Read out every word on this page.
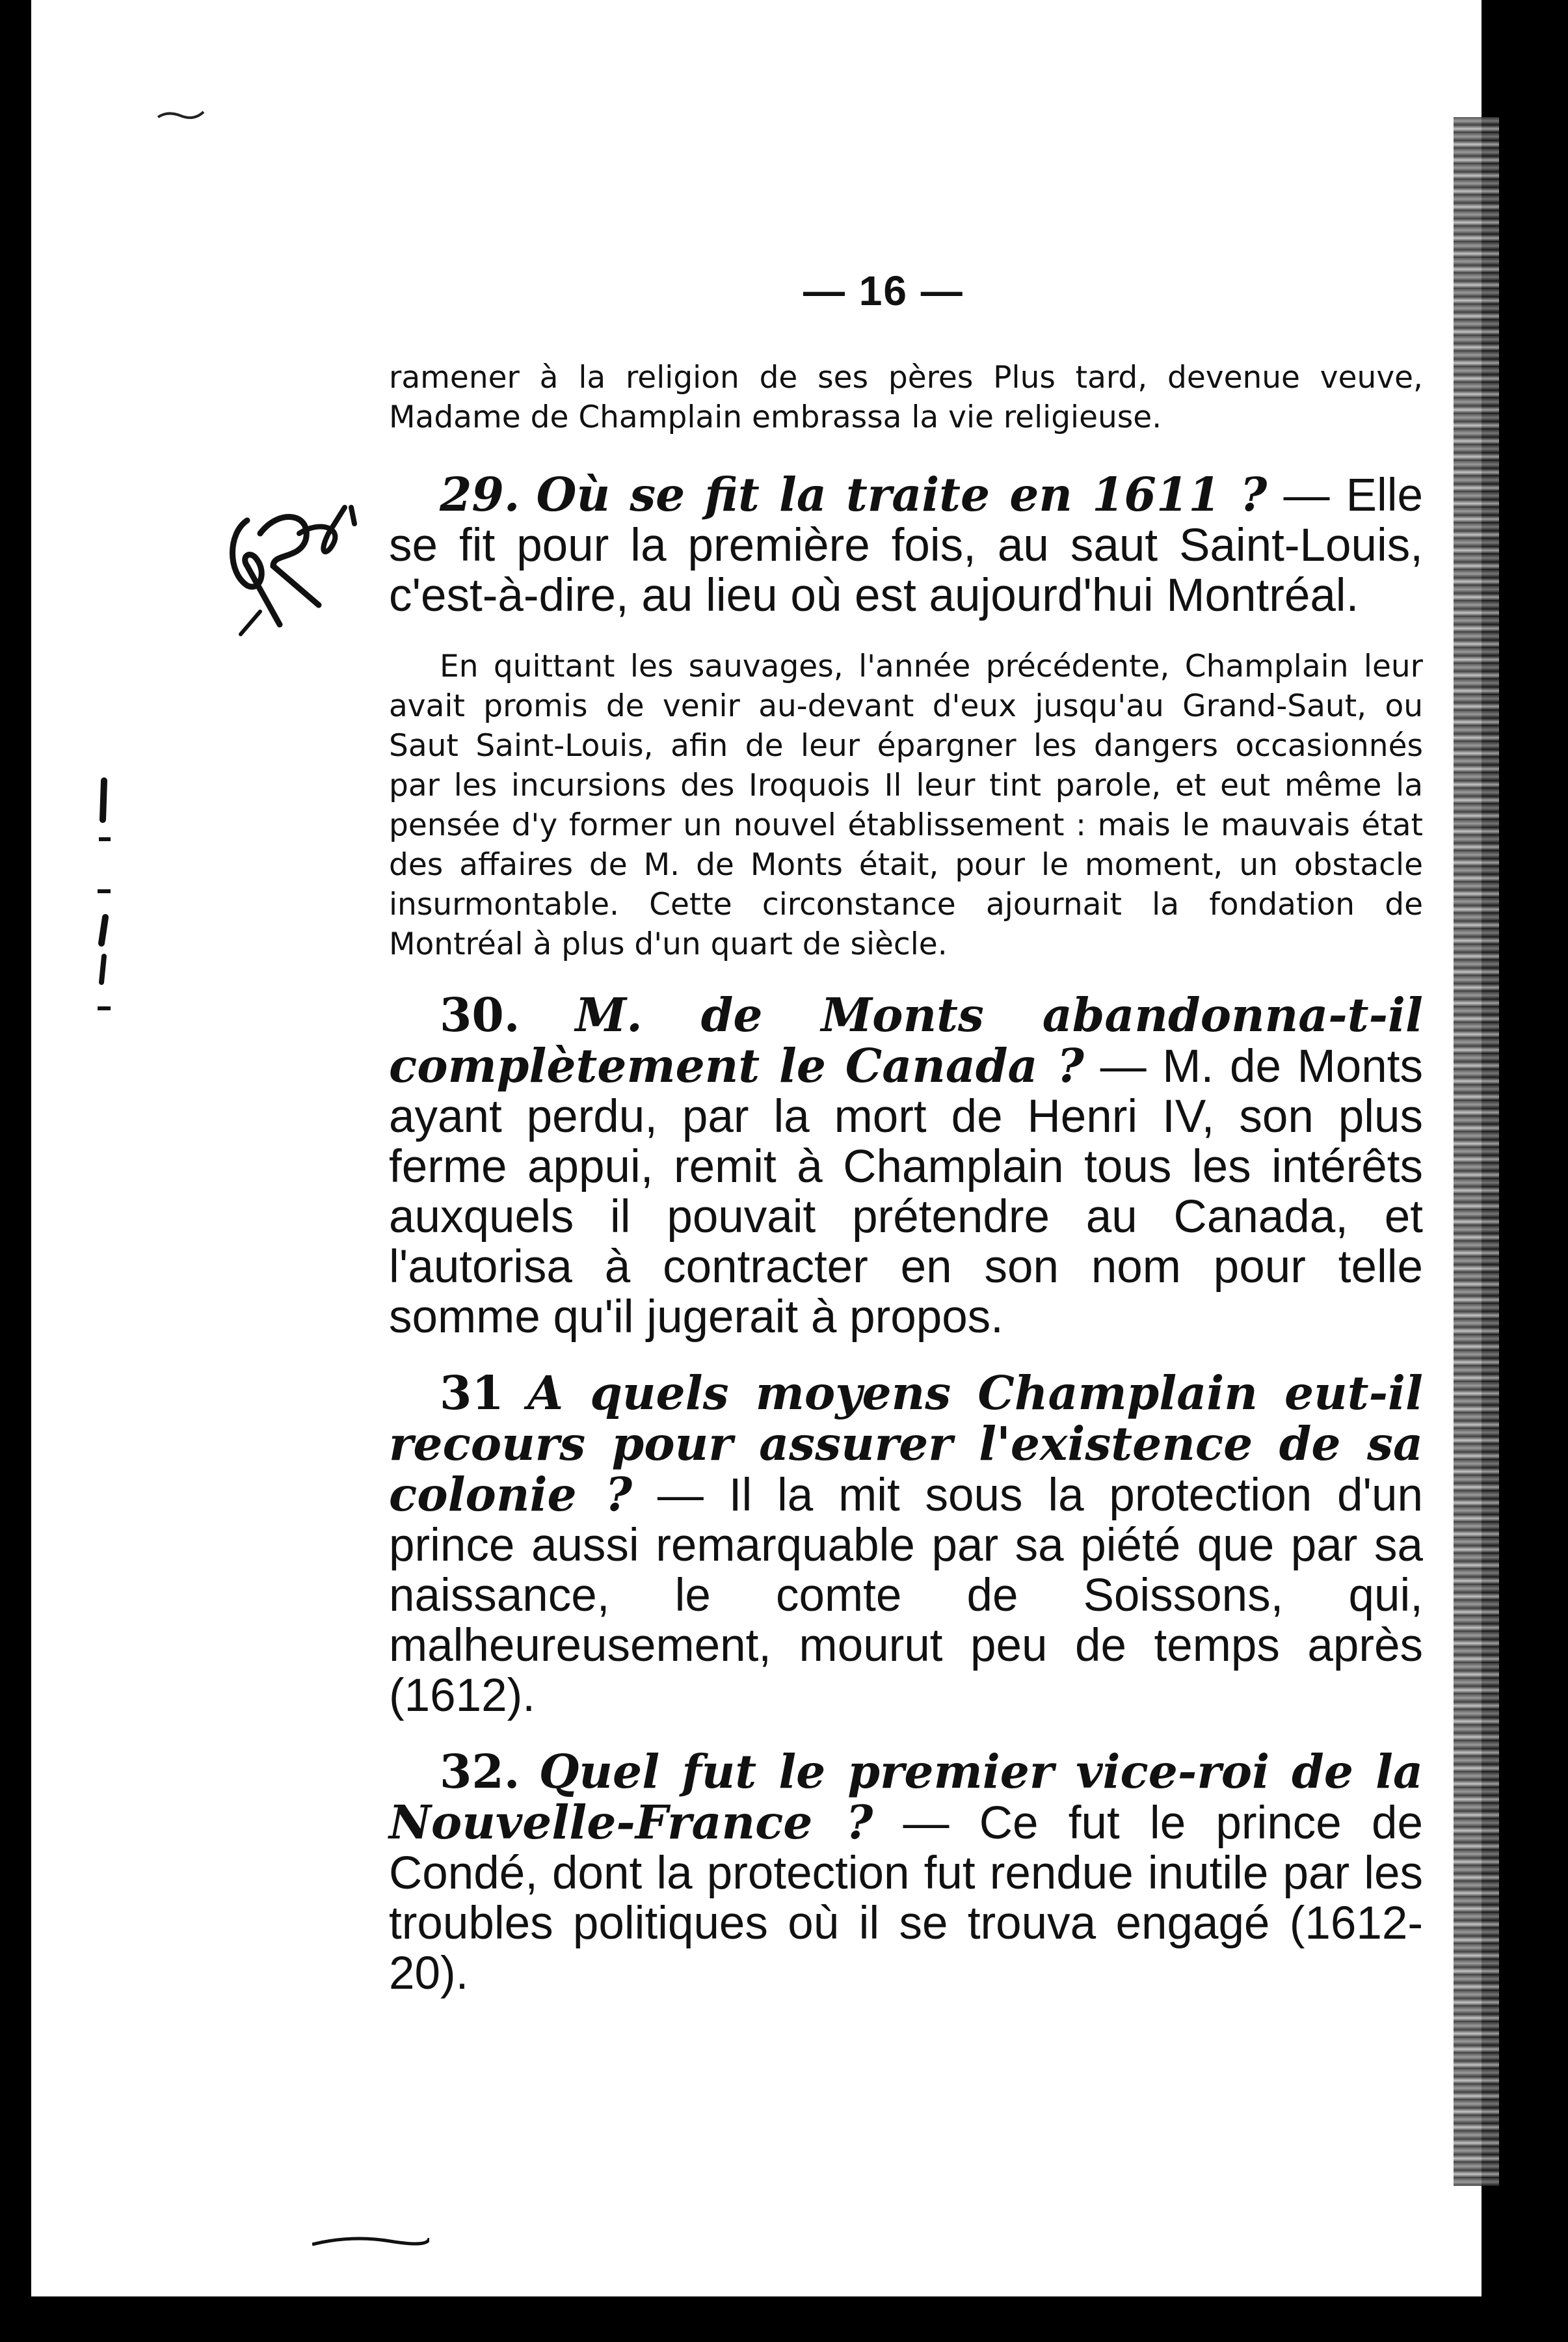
— 16 —

ramener à la religion de ses pères Plus tard, devenue veuve, Madame de Champlain embrassa la vie religieuse.

29. Où se fit la traite en 1611 ? — Elle se fit pour la première fois, au saut Saint-Louis, c'est-à-dire, au lieu où est aujourd'hui Montréal.

En quittant les sauvages, l'année précédente, Champlain leur avait promis de venir au-devant d'eux jusqu'au Grand-Saut, ou Saut Saint-Louis, afin de leur épargner les dangers occasionnés par les incursions des Iroquois Il leur tint parole, et eut même la pensée d'y former un nouvel établissement : mais le mauvais état des affaires de M. de Monts était, pour le moment, un obstacle insurmontable. Cette circonstance ajournait la fondation de Montréal à plus d'un quart de siècle.

30. M. de Monts abandonna-t-il complètement le Canada ? — M. de Monts ayant perdu, par la mort de Henri IV, son plus ferme appui, remit à Champlain tous les intérêts auxquels il pouvait prétendre au Canada, et l'autorisa à contracter en son nom pour telle somme qu'il jugerait à propos.

31 A quels moyens Champlain eut-il recours pour assurer l'existence de sa colonie ? — Il la mit sous la protection d'un prince aussi remarquable par sa piété que par sa naissance, le comte de Soissons, qui, malheureusement, mourut peu de temps après (1612).

32. Quel fut le premier vice-roi de la Nouvelle-France ? — Ce fut le prince de Condé, dont la protection fut rendue inutile par les troubles politiques où il se trouva engagé (1612-20).
